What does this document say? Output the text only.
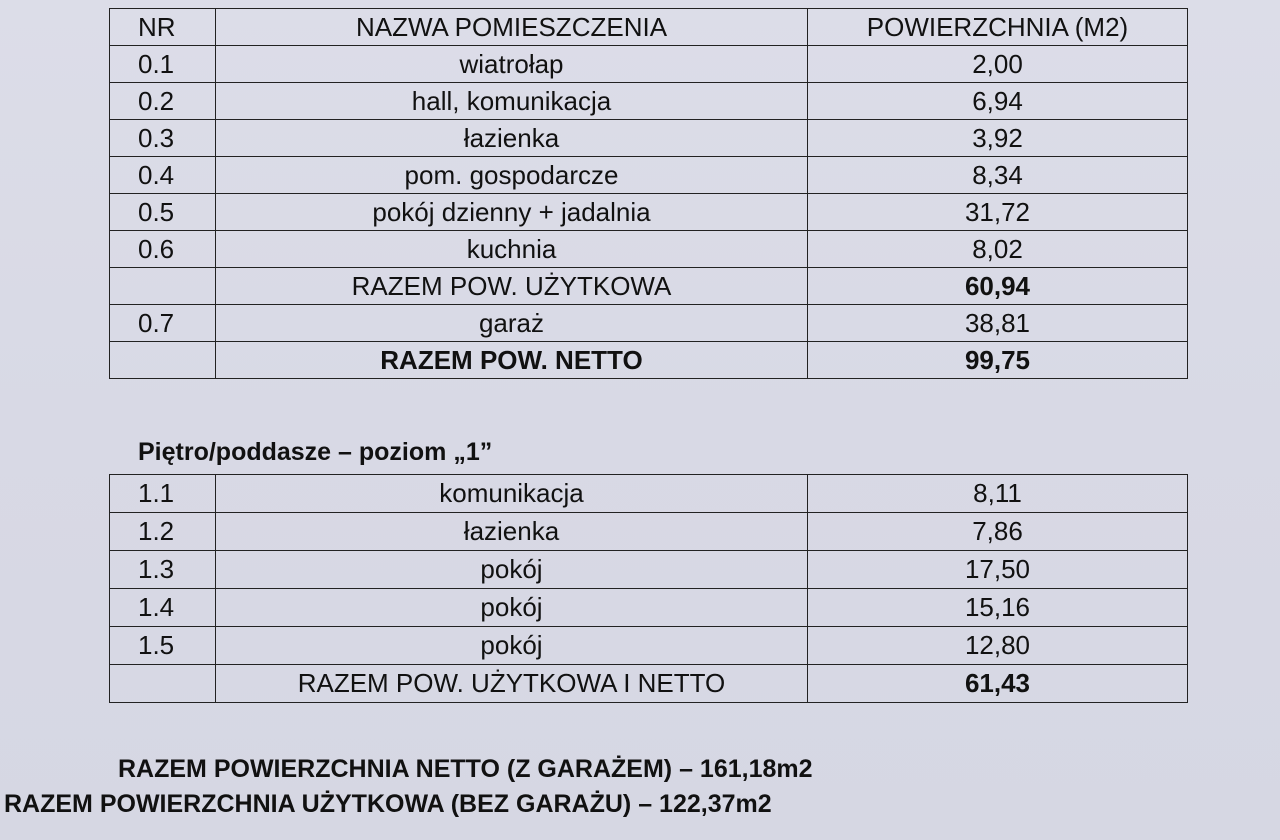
NR	NAZWA POMIESZCZENIA	POWIERZCHNIA (M2)
0.1	wiatrołap	2,00
0.2	hall, komunikacja	6,94
0.3	łazienka	3,92
0.4	pom. gospodarcze	8,34
0.5	pokój dzienny + jadalnia	31,72
0.6	kuchnia	8,02
	RAZEM POW. UŻYTKOWA	60,94
0.7	garaż	38,81
	RAZEM POW. NETTO	99,75
Piętro/poddasze – poziom „1”
1.1	komunikacja	8,11
1.2	łazienka	7,86
1.3	pokój	17,50
1.4	pokój	15,16
1.5	pokój	12,80
	RAZEM POW. UŻYTKOWA I NETTO	61,43
RAZEM POWIERZCHNIA NETTO (Z GARAŻEM) – 161,18m2
RAZEM POWIERZCHNIA UŻYTKOWA (BEZ GARAŻU) – 122,37m2
